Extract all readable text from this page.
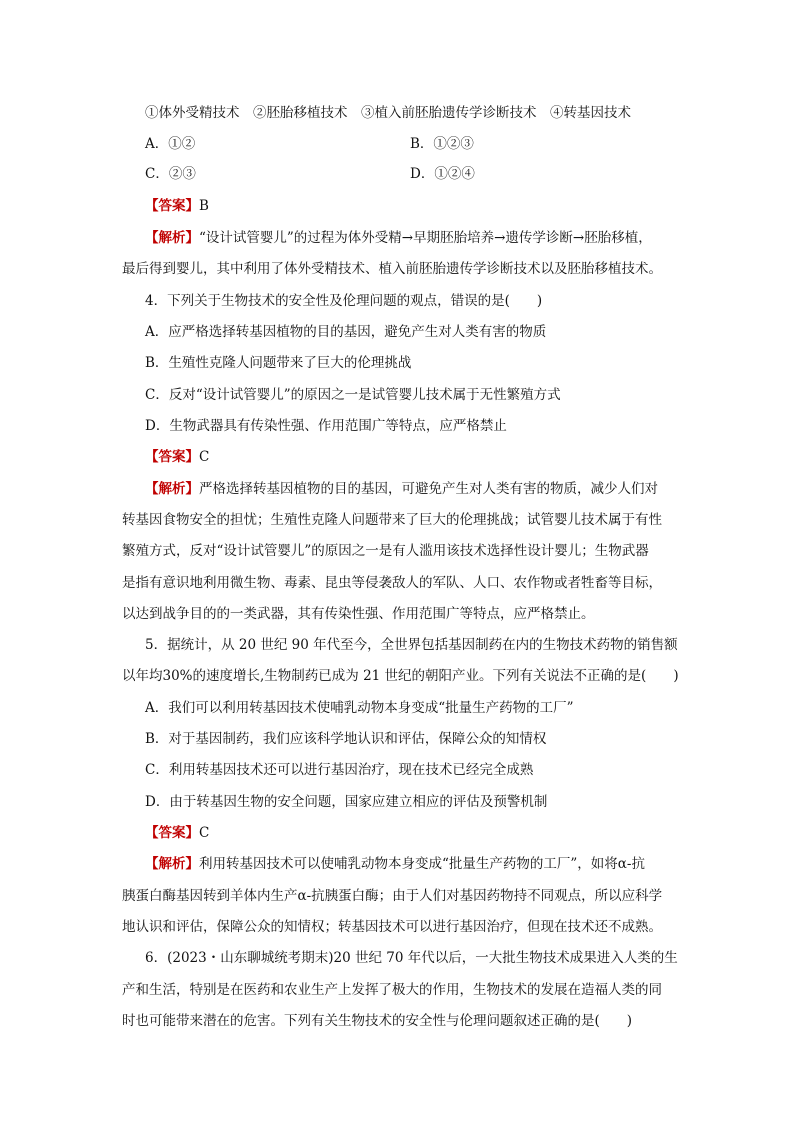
①体外受精技术　②胚胎移植技术　③植入前胚胎遗传学诊断技术　④转基因技术
A．①②	B．①②③
C．②③	D．①②④
【答案】B
【解析】“设计试管婴儿”的过程为体外受精→早期胚胎培养→遗传学诊断→胚胎移植，
最后得到婴儿，其中利用了体外受精技术、植入前胚胎遗传学诊断技术以及胚胎移植技术。
4．下列关于生物技术的安全性及伦理问题的观点，错误的是(　　)
A．应严格选择转基因植物的目的基因，避免产生对人类有害的物质
B．生殖性克隆人问题带来了巨大的伦理挑战
C．反对“设计试管婴儿”的原因之一是试管婴儿技术属于无性繁殖方式
D．生物武器具有传染性强、作用范围广等特点，应严格禁止
【答案】C
【解析】严格选择转基因植物的目的基因，可避免产生对人类有害的物质，减少人们对
转基因食物安全的担忧；生殖性克隆人问题带来了巨大的伦理挑战；试管婴儿技术属于有性
繁殖方式，反对“设计试管婴儿”的原因之一是有人滥用该技术选择性设计婴儿；生物武器
是指有意识地利用微生物、毒素、昆虫等侵袭敌人的军队、人口、农作物或者牲畜等目标，
以达到战争目的的一类武器，其有传染性强、作用范围广等特点，应严格禁止。
5．据统计，从 20 世纪 90 年代至今，全世界包括基因制药在内的生物技术药物的销售额
以年均30%的速度增长,生物制药已成为 21 世纪的朝阳产业。下列有关说法不正确的是(　　)
A．我们可以利用转基因技术使哺乳动物本身变成“批量生产药物的工厂”
B．对于基因制药，我们应该科学地认识和评估，保障公众的知情权
C．利用转基因技术还可以进行基因治疗，现在技术已经完全成熟
D．由于转基因生物的安全问题，国家应建立相应的评估及预警机制
【答案】C
【解析】利用转基因技术可以使哺乳动物本身变成“批量生产药物的工厂”，如将α-抗
胰蛋白酶基因转到羊体内生产α-抗胰蛋白酶；由于人们对基因药物持不同观点，所以应科学
地认识和评估，保障公众的知情权；转基因技术可以进行基因治疗，但现在技术还不成熟。
6．(2023・山东聊城统考期末)20 世纪 70 年代以后，一大批生物技术成果进入人类的生
产和生活，特别是在医药和农业生产上发挥了极大的作用，生物技术的发展在造福人类的同
时也可能带来潜在的危害。下列有关生物技术的安全性与伦理问题叙述正确的是(　　)
